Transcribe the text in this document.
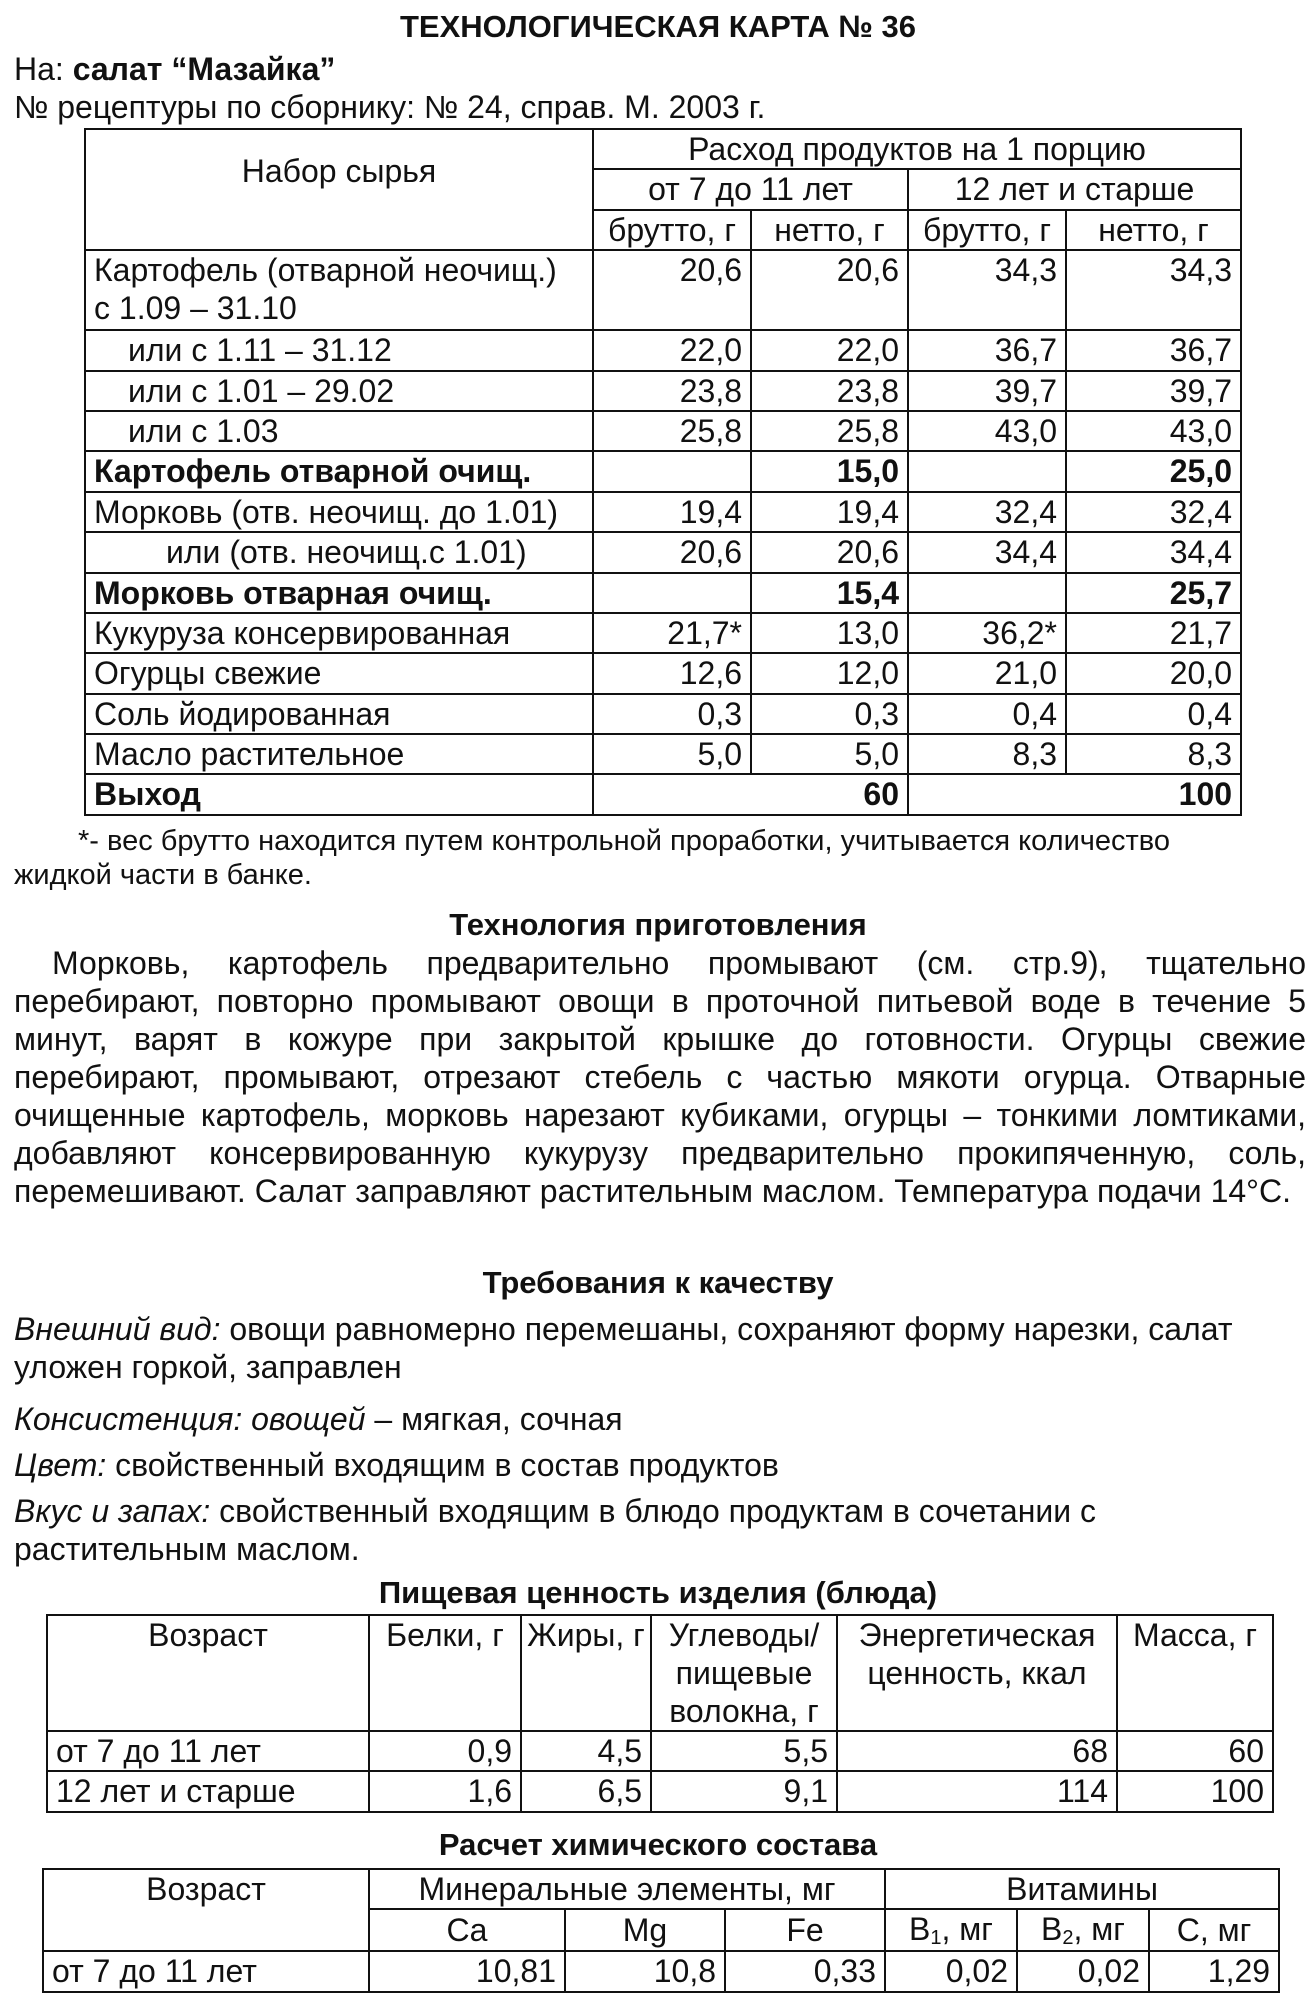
ТЕХНОЛОГИЧЕСКАЯ КАРТА № 36
На: салат “Мазайка”
№ рецептуры по сборнику: № 24, справ. М. 2003 г.
Набор сырья	Расход продуктов на 1 порцию			
	от 7 до 11 лет		12 лет и старше	
	брутто, г	нетто, г	брутто, г	нетто, г
Картофель (отварной неочищ.)
с 1.09 – 31.10	20,6	20,6	34,3	34,3
или с 1.11 – 31.12	22,0	22,0	36,7	36,7
или с 1.01 – 29.02	23,8	23,8	39,7	39,7
или с 1.03	25,8	25,8	43,0	43,0
Картофель отварной очищ.		15,0		25,0
Морковь (отв. неочищ. до 1.01)	19,4	19,4	32,4	32,4
или (отв. неочищ.с 1.01)	20,6	20,6	34,4	34,4
Морковь отварная очищ.		15,4		25,7
Кукуруза консервированная	21,7*	13,0	36,2*	21,7
Огурцы свежие	12,6	12,0	21,0	20,0
Соль йодированная	0,3	0,3	0,4	0,4
Масло растительное	5,0	5,0	8,3	8,3
Выход	60		100	
*- вес брутто находится путем контрольной проработки, учитывается количество жидкой части в банке.
Технология приготовления
Морковь, картофель предварительно промывают (см. стр.9), тщательно перебирают, повторно промывают овощи в проточной питьевой воде в течение 5 минут, варят в кожуре при закрытой крышке до готовности. Огурцы свежие перебирают, промывают, отрезают стебель с частью мякоти огурца. Отварные очищенные картофель, морковь нарезают кубиками, огурцы – тонкими ломтиками, добавляют консервированную кукурузу предварительно прокипяченную, соль, перемешивают. Салат заправляют растительным маслом. Температура подачи 14°С.
Требования к качеству
Внешний вид: овощи равномерно перемешаны, сохраняют форму нарезки, салат уложен горкой, заправлен
Консистенция: овощей – мягкая, сочная
Цвет: свойственный входящим в состав продуктов
Вкус и запах: свойственный входящим в блюдо продуктам в сочетании с растительным маслом.
Пищевая ценность изделия (блюда)
Возраст	Белки, г	Жиры, г	Углеводы/ пищевые волокна, г	Энергетическая ценность, ккал	Масса, г
от 7 до 11 лет	0,9	4,5	5,5	68	60
12 лет и старше	1,6	6,5	9,1	114	100
Расчет химического состава
Возраст	Минеральные элементы, мг			Витамины		
	Ca	Mg	Fe	$B_1$, мг	$B_2$, мг	C, мг
от 7 до 11 лет	10,81	10,8	0,33	0,02	0,02	1,29
